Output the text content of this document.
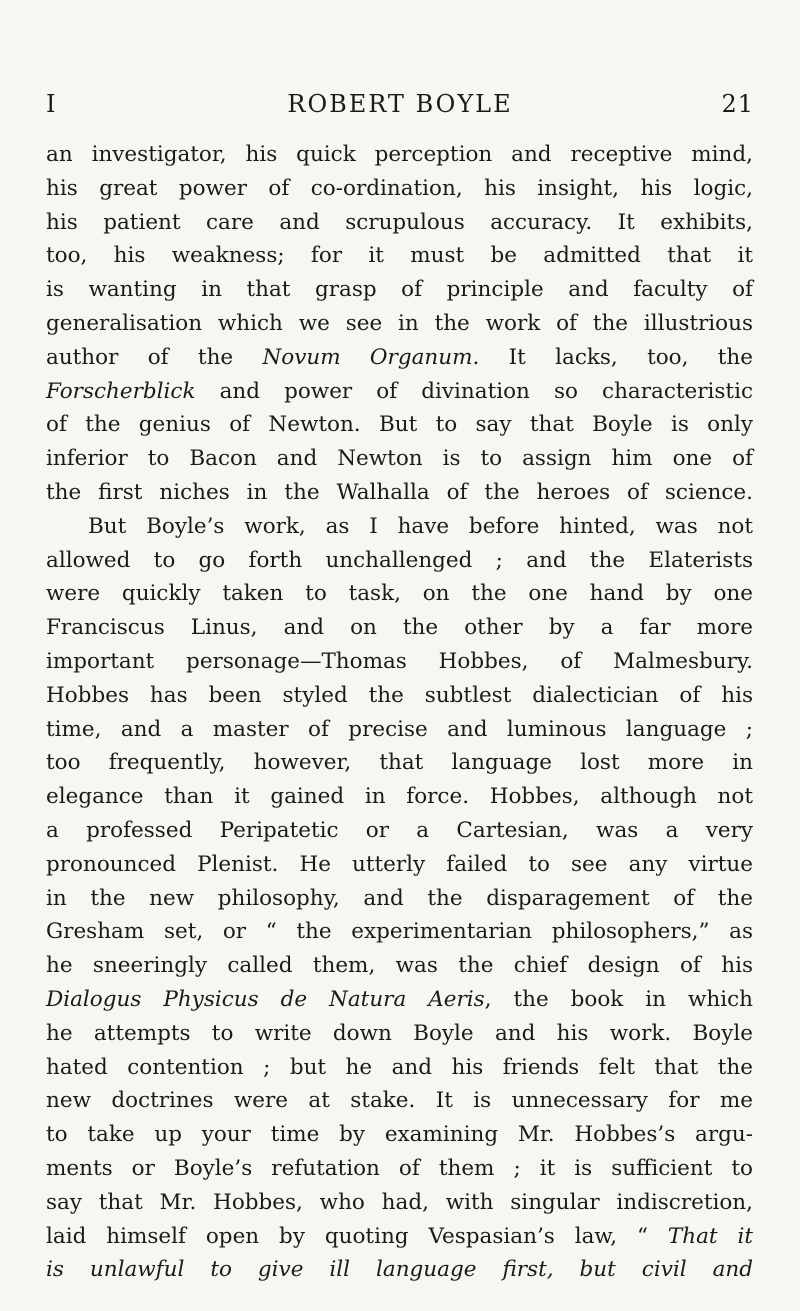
I	ROBERT BOYLE	21
an investigator, his quick perception and receptive mind,
his great power of co-ordination, his insight, his logic,
his patient care and scrupulous accuracy. It exhibits,
too, his weakness; for it must be admitted that it
is wanting in that grasp of principle and faculty of
generalisation which we see in the work of the illustrious
author of the Novum Organum. It lacks, too, the
Forscherblick and power of divination so characteristic
of the genius of Newton. But to say that Boyle is only
inferior to Bacon and Newton is to assign him one of
the first niches in the Walhalla of the heroes of science.
But Boyle’s work, as I have before hinted, was not
allowed to go forth unchallenged ; and the Elaterists
were quickly taken to task, on the one hand by one
Franciscus Linus, and on the other by a far more
important personage—Thomas Hobbes, of Malmesbury.
Hobbes has been styled the subtlest dialectician of his
time, and a master of precise and luminous language ;
too frequently, however, that language lost more in
elegance than it gained in force. Hobbes, although not
a professed Peripatetic or a Cartesian, was a very
pronounced Plenist. He utterly failed to see any virtue
in the new philosophy, and the disparagement of the
Gresham set, or “ the experimentarian philosophers,” as
he sneeringly called them, was the chief design of his
Dialogus Physicus de Natura Aeris, the book in which
he attempts to write down Boyle and his work. Boyle
hated contention ; but he and his friends felt that the
new doctrines were at stake. It is unnecessary for me
to take up your time by examining Mr. Hobbes’s argu-
ments or Boyle’s refutation of them ; it is sufficient to
say that Mr. Hobbes, who had, with singular indiscretion,
laid himself open by quoting Vespasian’s law, “ That it
is unlawful to give ill language first, but civil and
